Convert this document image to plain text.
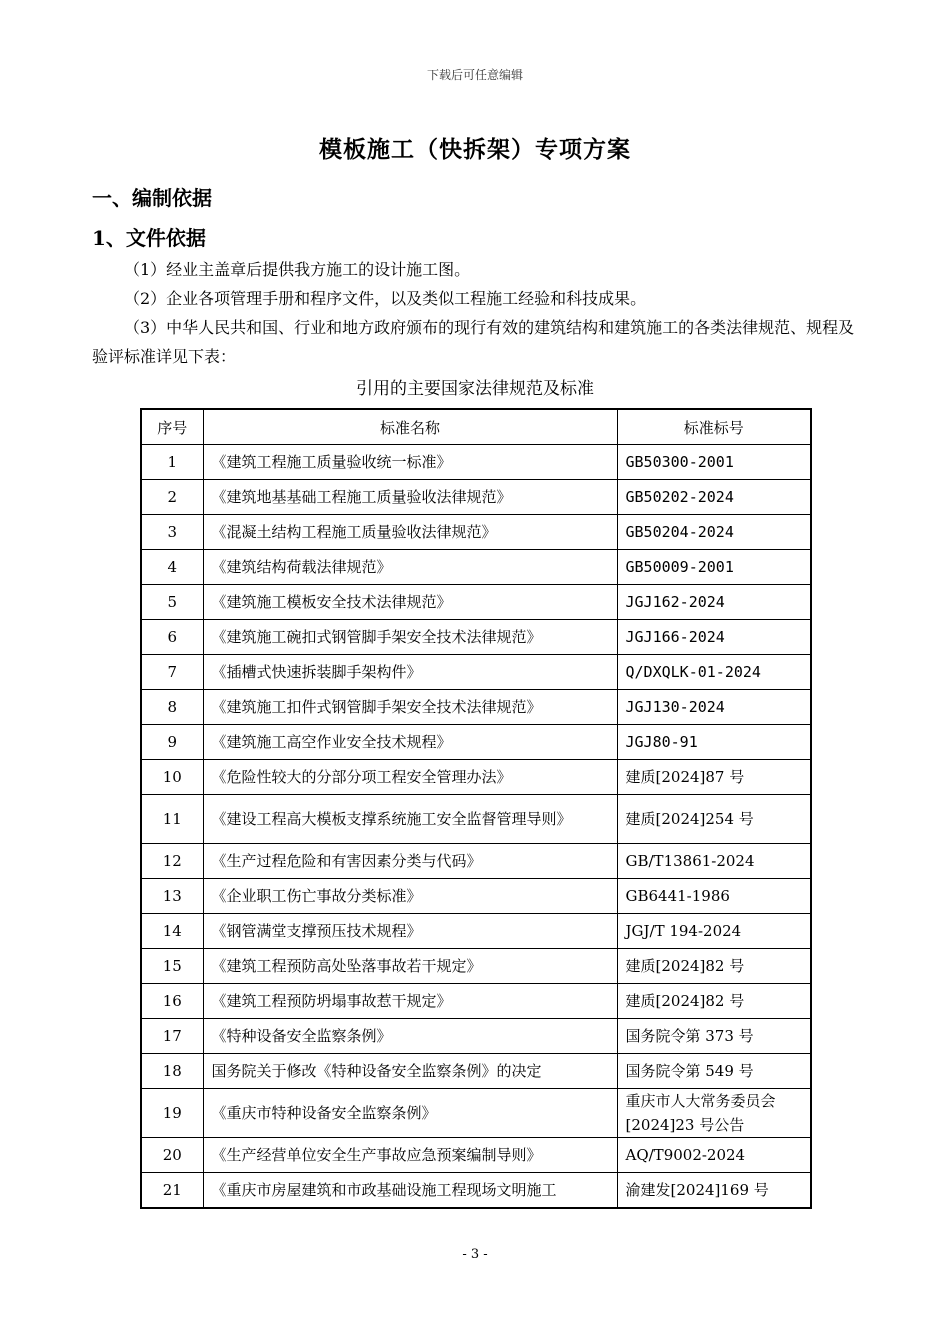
下载后可任意编辑
模板施工（快拆架）专项方案
一、编制依据
1、文件依据
（1）经业主盖章后提供我方施工的设计施工图。
（2）企业各项管理手册和程序文件，以及类似工程施工经验和科技成果。
（3）中华人民共和国、行业和地方政府颁布的现行有效的建筑结构和建筑施工的各类法律规范、规程及验评标准详见下表：
引用的主要国家法律规范及标准
序号	标准名称	标准标号
1	《建筑工程施工质量验收统一标准》	GB50300-2001
2	《建筑地基基础工程施工质量验收法律规范》	GB50202-2024
3	《混凝土结构工程施工质量验收法律规范》	GB50204-2024
4	《建筑结构荷载法律规范》	GB50009-2001
5	《建筑施工模板安全技术法律规范》	JGJ162-2024
6	《建筑施工碗扣式钢管脚手架安全技术法律规范》	JGJ166-2024
7	《插槽式快速拆装脚手架构件》	Q/DXQLK-01-2024
8	《建筑施工扣件式钢管脚手架安全技术法律规范》	JGJ130-2024
9	《建筑施工高空作业安全技术规程》	JGJ80-91
10	《危险性较大的分部分项工程安全管理办法》	建质[2024]87 号
11	《建设工程高大模板支撑系统施工安全监督管理导则》	建质[2024]254 号
12	《生产过程危险和有害因素分类与代码》	GB/T13861-2024
13	《企业职工伤亡事故分类标准》	GB6441-1986
14	《钢管满堂支撑预压技术规程》	JGJ/T 194-2024
15	《建筑工程预防高处坠落事故若干规定》	建质[2024]82 号
16	《建筑工程预防坍塌事故惹干规定》	建质[2024]82 号
17	《特种设备安全监察条例》	国务院令第 373 号
18	国务院关于修改《特种设备安全监察条例》的决定	国务院令第 549 号
19	《重庆市特种设备安全监察条例》	重庆市人大常务委员会[2024]23 号公告
20	《生产经营单位安全生产事故应急预案编制导则》	AQ/T9002-2024
21	《重庆市房屋建筑和市政基础设施工程现场文明施工	渝建发[2024]169 号
- 3 -
